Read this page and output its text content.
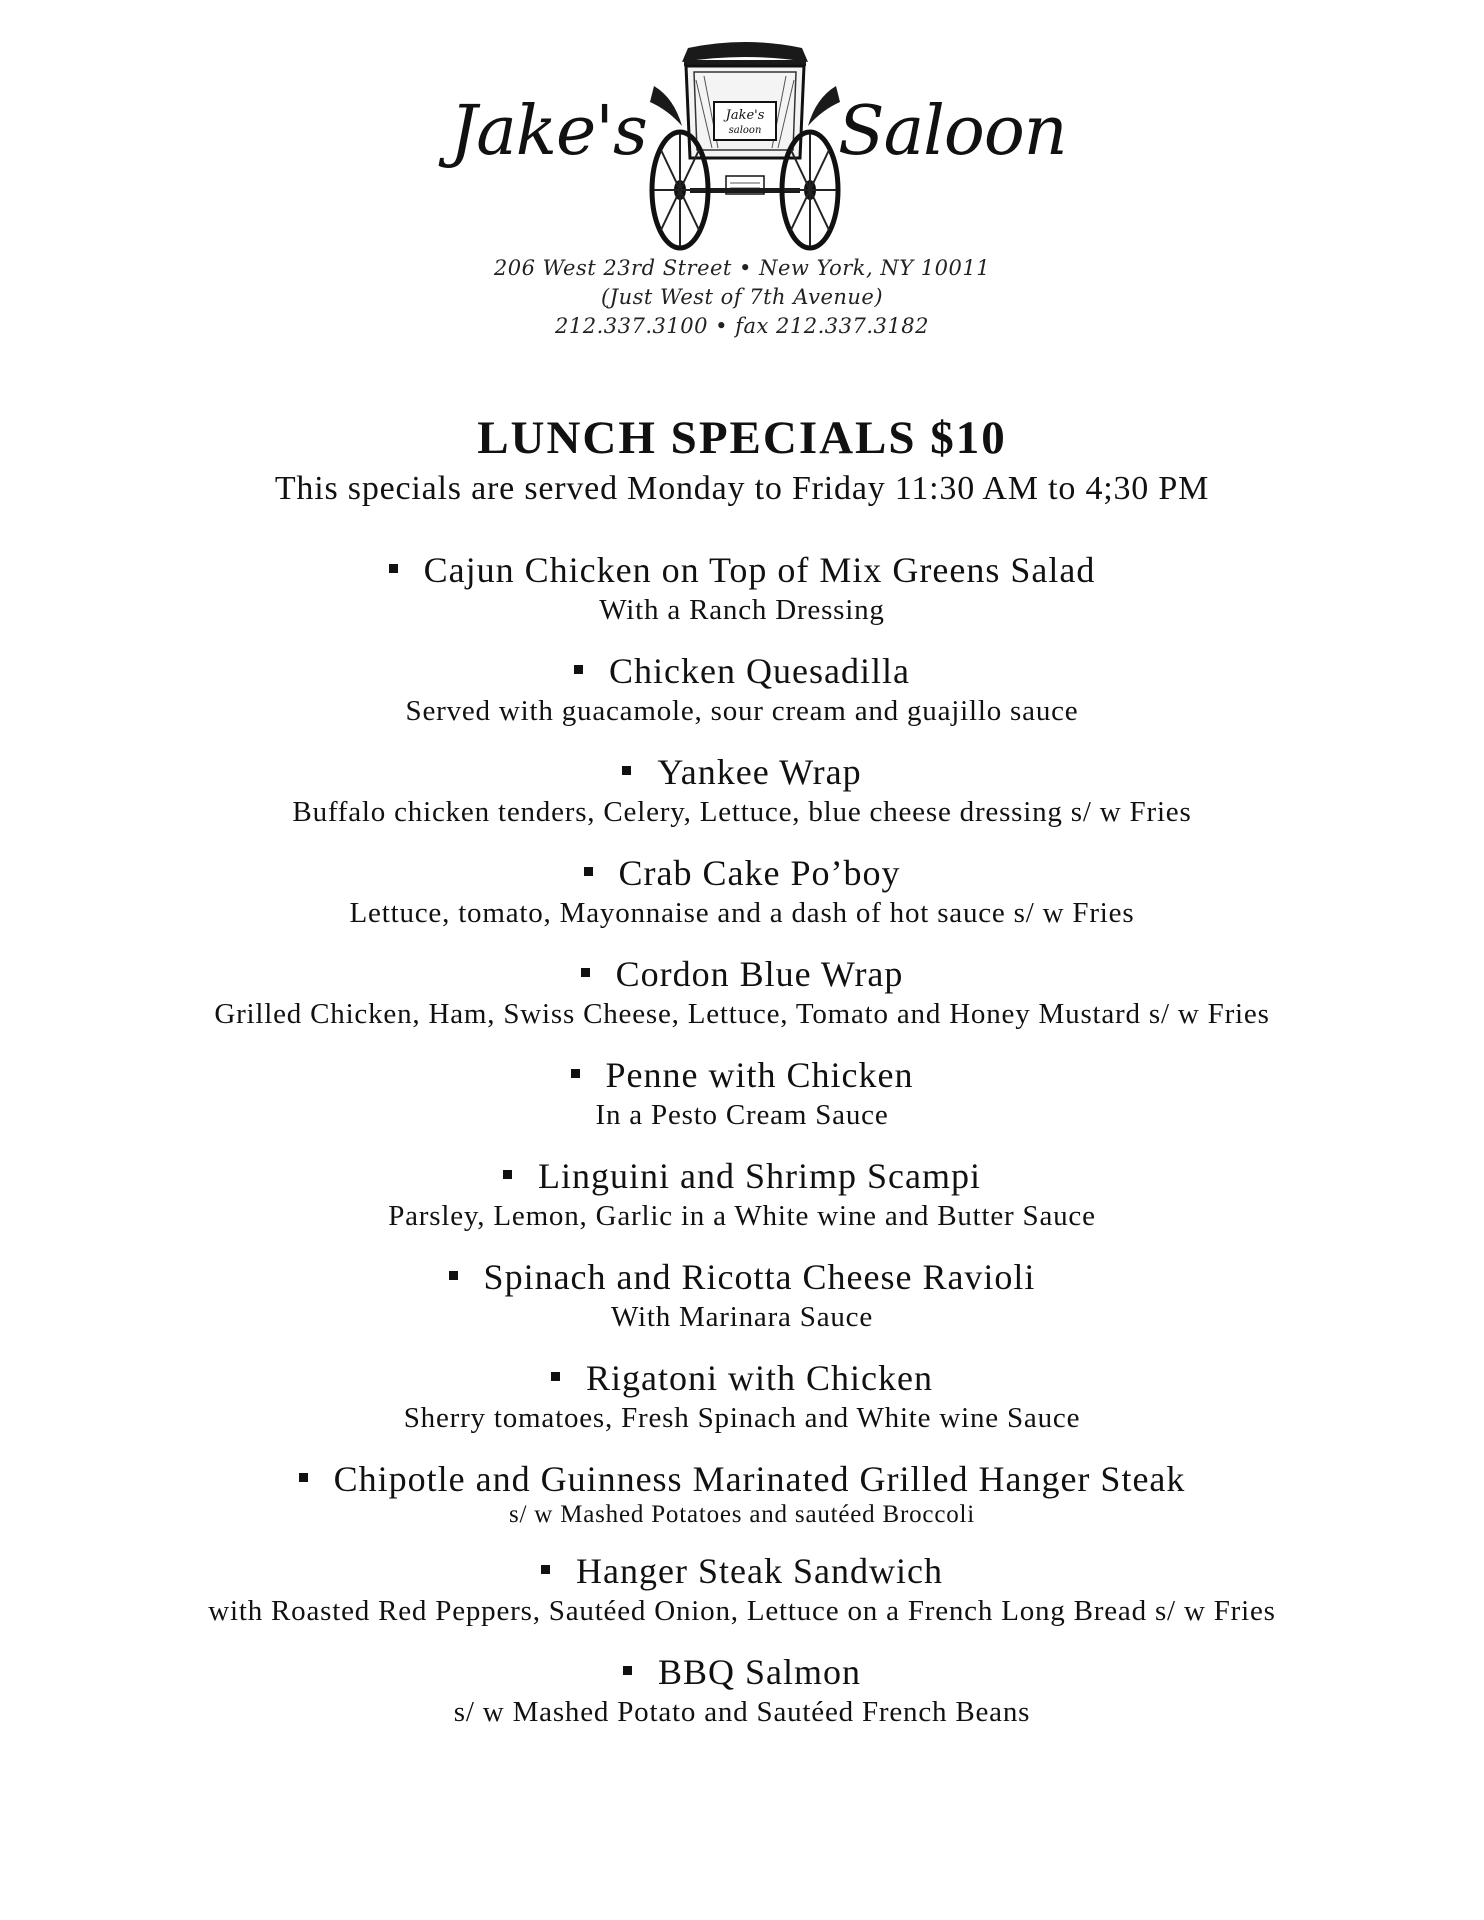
Jake's	Jake's
saloon Saloon
206 West 23rd Street • New York, NY 10011
(Just West of 7th Avenue)
212.337.3100 • fax 212.337.3182
LUNCH SPECIALS $10
This specials are served Monday to Friday 11:30 AM to 4;30 PM
Cajun Chicken on Top of Mix Greens Salad
With a Ranch Dressing
Chicken Quesadilla
Served with guacamole, sour cream and guajillo sauce
Yankee Wrap
Buffalo chicken tenders, Celery, Lettuce, blue cheese dressing s/ w Fries
Crab Cake Po’boy
Lettuce, tomato, Mayonnaise and a dash of hot sauce s/ w Fries
Cordon Blue Wrap
Grilled Chicken, Ham, Swiss Cheese, Lettuce, Tomato and Honey Mustard s/ w Fries
Penne with Chicken
In a Pesto Cream Sauce
Linguini and Shrimp Scampi
Parsley, Lemon, Garlic in a White wine and Butter Sauce
Spinach and Ricotta Cheese Ravioli
With Marinara Sauce
Rigatoni with Chicken
Sherry tomatoes, Fresh Spinach and White wine Sauce
Chipotle and Guinness Marinated Grilled Hanger Steak
s/ w Mashed Potatoes and sautéed Broccoli
Hanger Steak Sandwich
with Roasted Red Peppers, Sautéed Onion, Lettuce on a French Long Bread s/ w Fries
BBQ Salmon
s/ w Mashed Potato and Sautéed French Beans
